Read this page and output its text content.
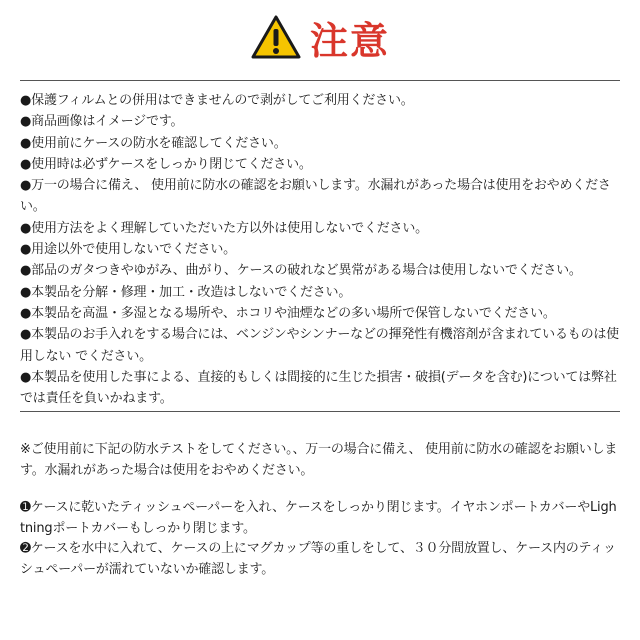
注意
●保護フィルムとの併用はできませんので剥がしてご利用ください。
●商品画像はイメージです。
●使用前にケースの防水を確認してください。
●使用時は必ずケースをしっかり閉じてください。
●万一の場合に備え、 使用前に防水の確認をお願いします。水漏れがあった場合は使用をおやめください。
●使用方法をよく理解していただいた方以外は使用しないでください。
●用途以外で使用しないでください。
●部品のガタつきやゆがみ、曲がり、ケースの破れなど異常がある場合は使用しないでください。
●本製品を分解・修理・加工・改造はしないでください。
●本製品を高温・多湿となる場所や、ホコリや油煙などの多い場所で保管しないでください。
●本製品のお手入れをする場合には、ベンジンやシンナーなどの揮発性有機溶剤が含まれているものは使用しない でください。
●本製品を使用した事による、直接的もしくは間接的に生じた損害・破損(データを含む)については弊社では責任を負いかねます。

※ご使用前に下記の防水テストをしてください。、万一の場合に備え、 使用前に防水の確認をお願いします。水漏れがあった場合は使用をおやめください。

➊ケースに乾いたティッシュペーパーを入れ、ケースをしっかり閉じます。イヤホンポートカバーやLightningポートカバーもしっかり閉じます。

➋ケースを水中に入れて、ケースの上にマグカップ等の重しをして、３０分間放置し、ケース内のティッシュペーパーが濡れていないか確認します。
